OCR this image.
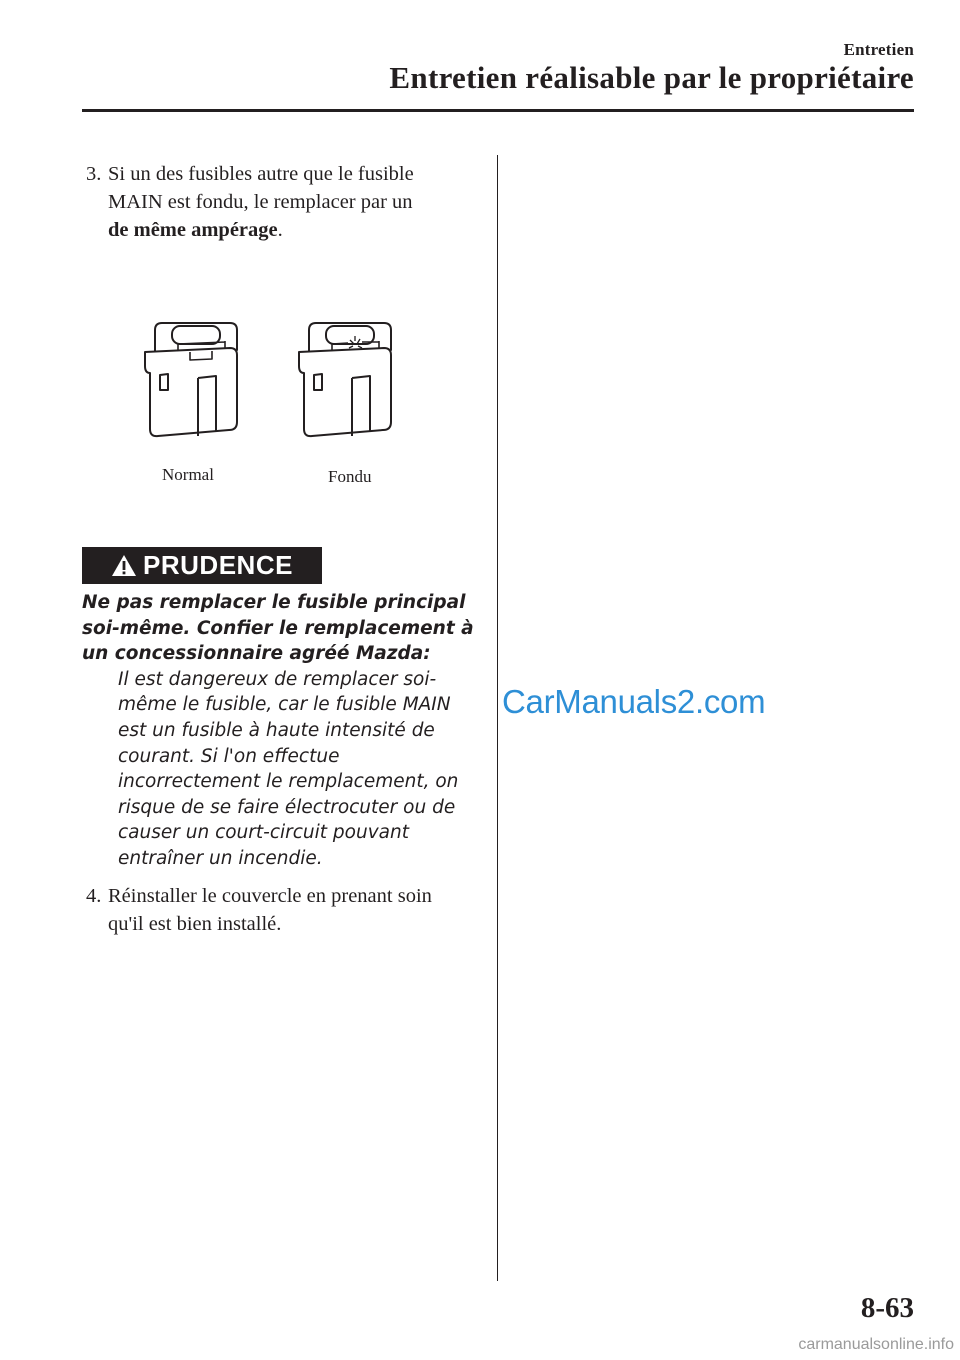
Entretien
Entretien réalisable par le propriétaire
3. Si un des fusibles autre que le fusible
MAIN est fondu, le remplacer par un
de même ampérage.
Normal	Fondu
PRUDENCE
Ne pas remplacer le fusible principal
soi-même. Confier le remplacement à
un concessionnaire agréé Mazda:
Il est dangereux de remplacer soi-
même le fusible, car le fusible MAIN
est un fusible à haute intensité de
courant. Si l'on effectue
incorrectement le remplacement, on
risque de se faire électrocuter ou de
causer un court-circuit pouvant
entraîner un incendie.
4. Réinstaller le couvercle en prenant soin
qu'il est bien installé.
CarManuals2.com
8-63
carmanualsonline.info
